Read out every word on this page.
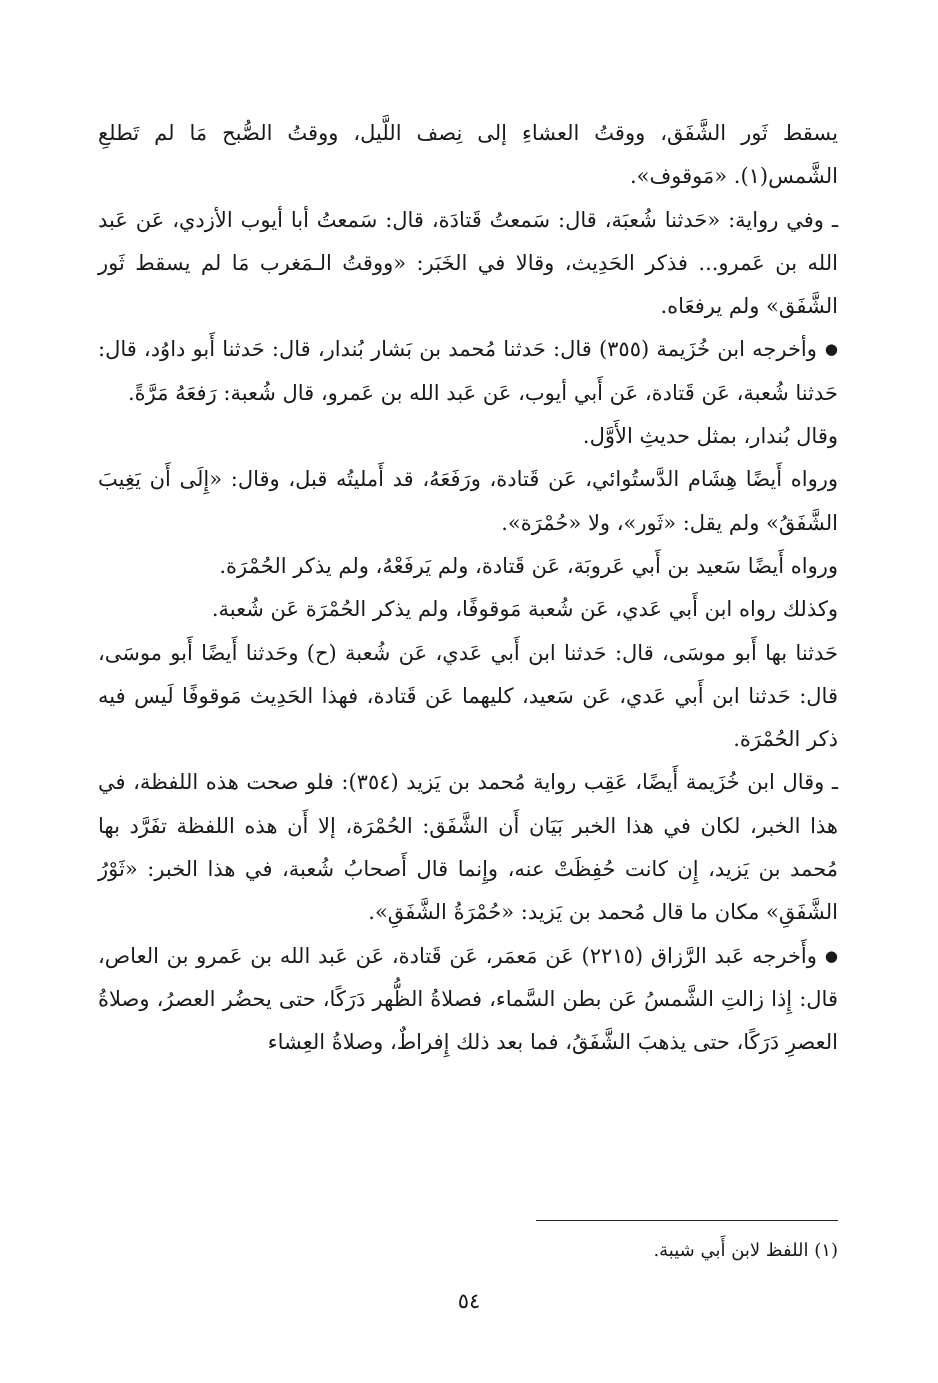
يسقط ثَور الشَّفَق، ووقتُ العشاءِ إلى نِصف اللَّيل، ووقتُ الصُّبح مَا لم تَطلعِ الشَّمس(١). «مَوقوف».

ـ وفي رواية: «حَدثنا شُعبَة، قال: سَمعتُ قَتادَة، قال: سَمعتُ أبا أيوب الأزدي، عَن عَبد الله بن عَمرو... فذكر الحَدِيث، وقالا في الخَبَر: «ووقتُ الـمَغرب مَا لم يسقط ثَور الشَّفَق» ولم يرفعَاه.

●وأخرجه ابن خُزَيمة (٣٥٥) قال: حَدثنا مُحمد بن بَشار بُندار، قال: حَدثنا أَبو داوُد، قال: حَدثنا شُعبة، عَن قَتادة، عَن أَبي أيوب، عَن عَبد الله بن عَمرو، قال شُعبة: رَفعَهُ مَرَّةً.

وقال بُندار، بمثل حديثِ الأَوَّل.

ورواه أَيضًا هِشَام الدَّستُوائي، عَن قَتادة، ورَفَعَهُ، قد أَمليتُه قبل، وقال: «إِلَى أَن يَغِيبَ الشَّفَقُ» ولم يقل: «ثَور»، ولا «حُمْرَة».

ورواه أَيضًا سَعيد بن أَبي عَروبَة، عَن قَتادة، ولم يَرفَعْهُ، ولم يذكر الحُمْرَة.

وكذلك رواه ابن أَبي عَدي، عَن شُعبة مَوقوفًا، ولم يذكر الحُمْرَة عَن شُعبة.

حَدثنا بها أَبو موسَى، قال: حَدثنا ابن أَبي عَدي، عَن شُعبة (ح) وحَدثنا أَيضًا أَبو موسَى، قال: حَدثنا ابن أَبي عَدي، عَن سَعيد، كليهما عَن قَتادة، فهذا الحَدِيث مَوقوفًا لَيس فيه ذكر الحُمْرَة.

ـ وقال ابن خُزَيمة أَيضًا، عَقِب رواية مُحمد بن يَزيد (٣٥٤): فلو صحت هذه اللفظة، في هذا الخبر، لكان في هذا الخبر بَيَان أَن الشَّفَق: الحُمْرَة، إلا أَن هذه اللفظة تفَرَّد بها مُحمد بن يَزيد، إِن كانت حُفِظَتْ عنه، وإِنما قال أَصحابُ شُعبة، في هذا الخبر: «ثَوْرُ الشَّفَقِ» مكان ما قال مُحمد بن يَزيد: «حُمْرَةُ الشَّفَقِ».

●وأَخرجه عَبد الرَّزاق (٢٢١٥) عَن مَعمَر، عَن قَتادة، عَن عَبد الله بن عَمرو بن العاص، قال: إِذا زالتِ الشَّمسُ عَن بطن السَّماء، فصلاةُ الظُّهر دَرَكًا، حتى يحضُر العصرُ، وصلاةُ العصرِ دَرَكًا، حتى يذهبَ الشَّفَقُ، فما بعد ذلك إِفراطٌ، وصلاةُ العِشاء

(١) اللفظ لابن أَبي شيبة.
٥٤
